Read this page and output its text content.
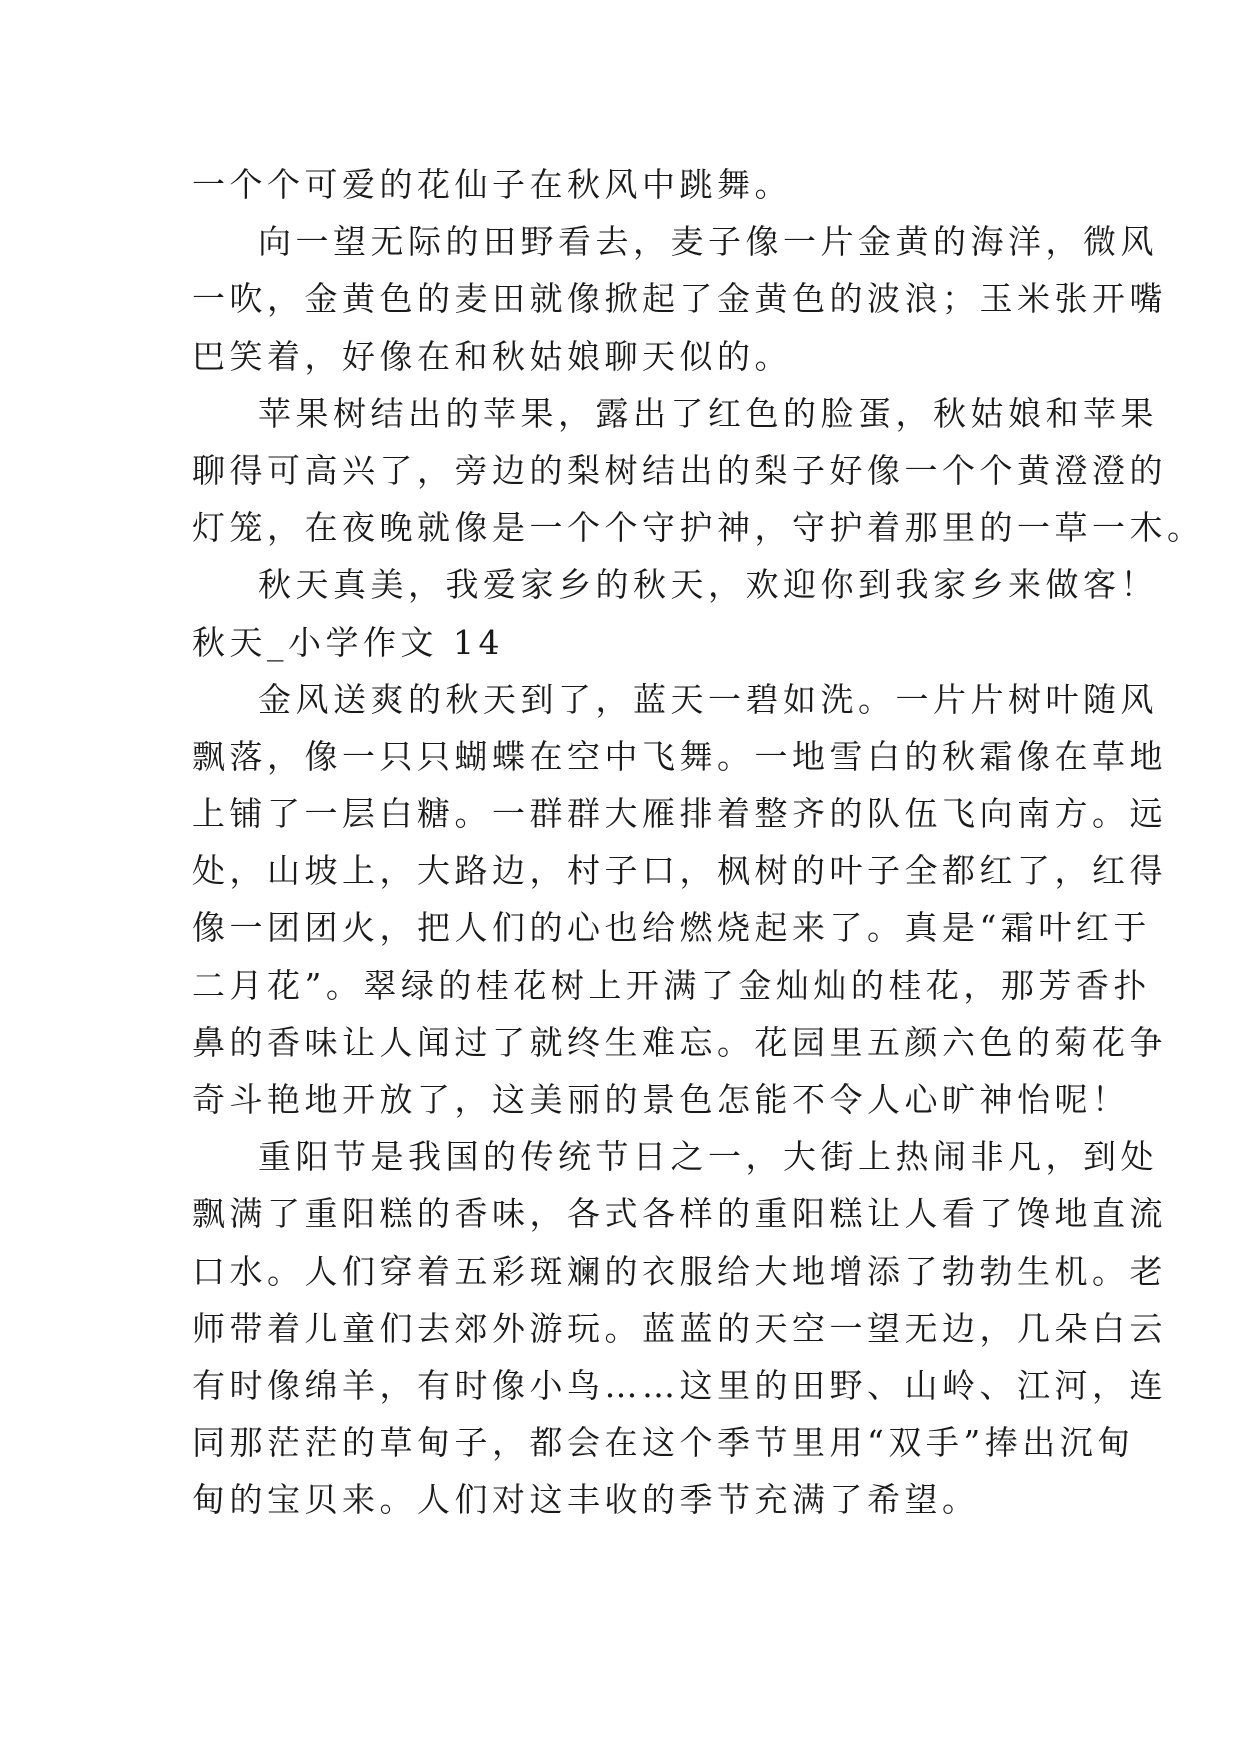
一个个可爱的花仙子在秋风中跳舞。
向一望无际的田野看去，麦子像一片金黄的海洋，微风
一吹，金黄色的麦田就像掀起了金黄色的波浪；玉米张开嘴
巴笑着，好像在和秋姑娘聊天似的。
苹果树结出的苹果，露出了红色的脸蛋，秋姑娘和苹果
聊得可高兴了，旁边的梨树结出的梨子好像一个个黄澄澄的
灯笼，在夜晚就像是一个个守护神，守护着那里的一草一木。
秋天真美，我爱家乡的秋天，欢迎你到我家乡来做客！
秋天_小学作文 14
金风送爽的秋天到了，蓝天一碧如洗。一片片树叶随风
飘落，像一只只蝴蝶在空中飞舞。一地雪白的秋霜像在草地
上铺了一层白糖。一群群大雁排着整齐的队伍飞向南方。远
处，山坡上，大路边，村子口，枫树的叶子全都红了，红得
像一团团火，把人们的心也给燃烧起来了。真是“霜叶红于
二月花”。翠绿的桂花树上开满了金灿灿的桂花，那芳香扑
鼻的香味让人闻过了就终生难忘。花园里五颜六色的菊花争
奇斗艳地开放了，这美丽的景色怎能不令人心旷神怡呢！
重阳节是我国的传统节日之一，大街上热闹非凡，到处
飘满了重阳糕的香味，各式各样的重阳糕让人看了馋地直流
口水。人们穿着五彩斑斓的衣服给大地增添了勃勃生机。老
师带着儿童们去郊外游玩。蓝蓝的天空一望无边，几朵白云
有时像绵羊，有时像小鸟……这里的田野、山岭、江河，连
同那茫茫的草甸子，都会在这个季节里用“双手”捧出沉甸
甸的宝贝来。人们对这丰收的季节充满了希望。
